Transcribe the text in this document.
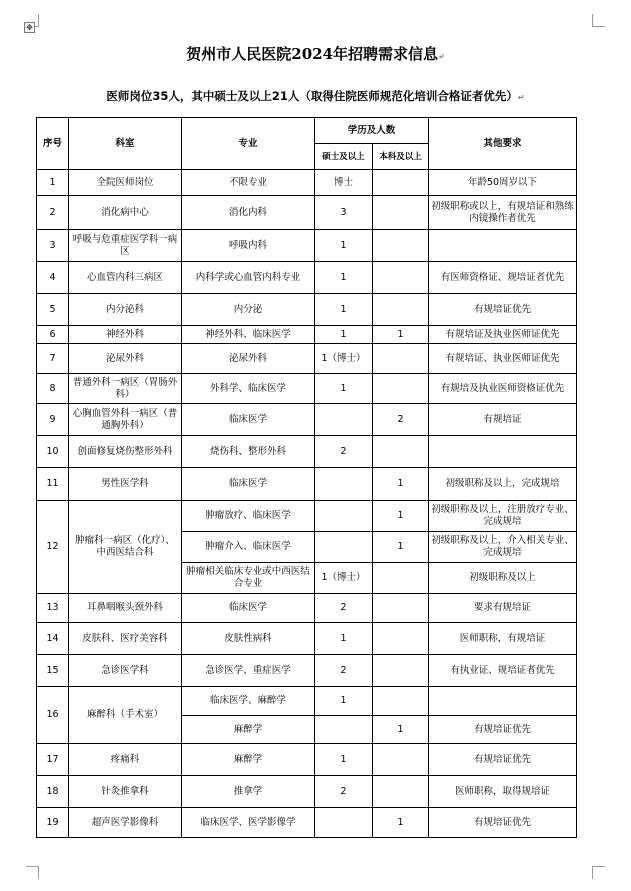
✥
贺州市人民医院2024年招聘需求信息↵
医师岗位35人，其中硕士及以上21人（取得住院医师规范化培训合格证者优先）↵
序号	科室	专业	学历及人数		其他要求
			硕士及以上	本科及以上	
1	全院医师岗位	不限专业	博士		年龄50周岁以下
2	消化病中心	消化内科	3		初级职称或以上，有规培证和熟练内镜操作者优先
3	呼吸与危重症医学科一病区	呼吸内科	1		
4	心血管内科三病区	内科学或心血管内科专业	1		有医师资格证、规培证者优先
5	内分泌科	内分泌	1		有规培证优先
6	神经外科	神经外科、临床医学	1	1	有规培证及执业医师证优先
7	泌尿外科	泌尿外科	1（博士）		有规培证、执业医师证优先
8	普通外科一病区（胃肠外科）	外科学、临床医学	1		有规培及执业医师资格证优先
9	心胸血管外科一病区（普通胸外科）	临床医学		2	有规培证
10	创面修复烧伤整形外科	烧伤科、整形外科	2		
11	男性医学科	临床医学		1	初级职称及以上，完成规培
12	肿瘤科一病区（化疗）、中西医结合科	肿瘤放疗、临床医学		1	初级职称及以上，注册放疗专业、完成规培
		肿瘤介入、临床医学		1	初级职称及以上，介入相关专业、完成规培
		肿瘤相关临床专业或中西医结合专业	1（博士）		初级职称及以上
13	耳鼻咽喉头颈外科	临床医学	2		要求有规培证
14	皮肤科、医疗美容科	皮肤性病科	1		医师职称，有规培证
15	急诊医学科	急诊医学、重症医学	2		有执业证、规培证者优先
16	麻醉科（手术室）	临床医学、麻醉学	1		
		麻醉学		1	有规培证优先
17	疼痛科	麻醉学	1		有规培证优先
18	针灸推拿科	推拿学	2		医师职称，取得规培证
19	超声医学影像科	临床医学、医学影像学		1	有规培证优先
